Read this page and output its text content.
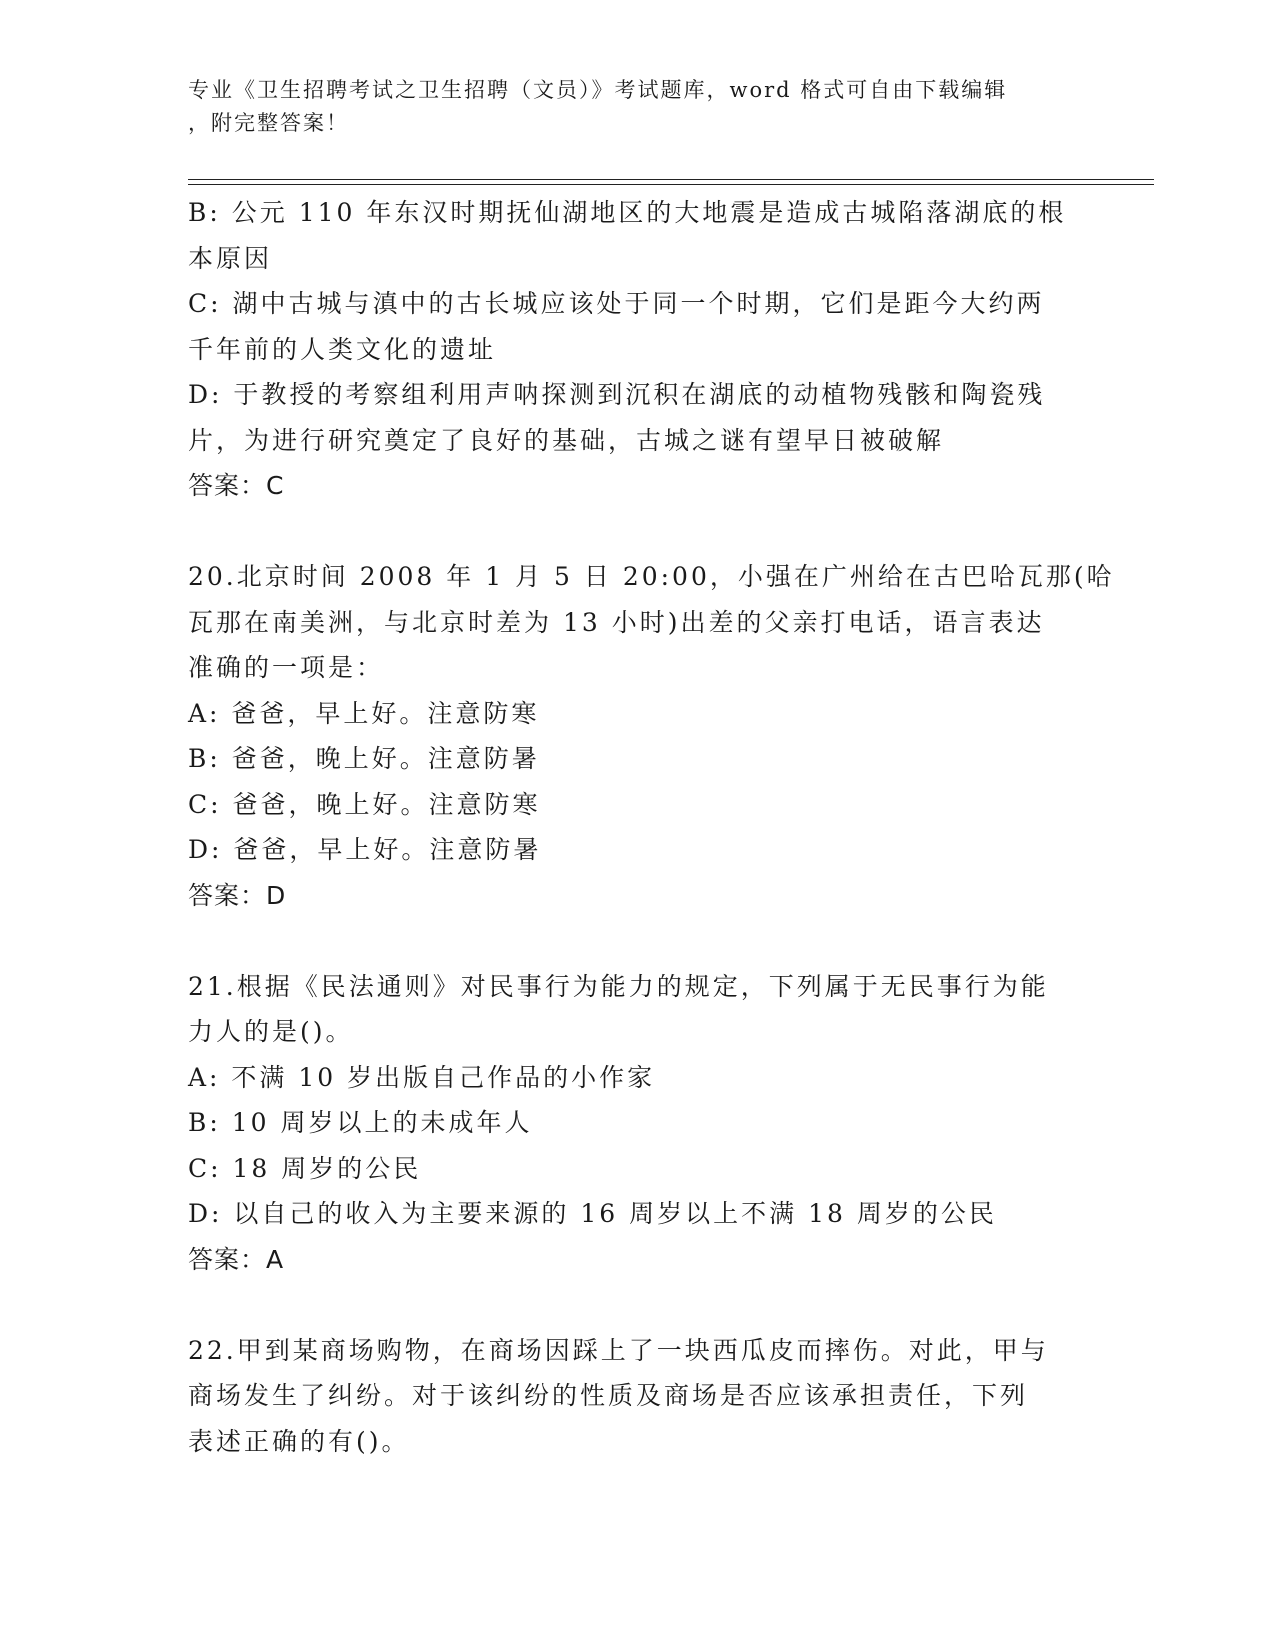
专业《卫生招聘考试之卫生招聘（文员）》考试题库，word 格式可自由下载编辑
，附完整答案！
B: 公元 110 年东汉时期抚仙湖地区的大地震是造成古城陷落湖底的根
本原因
C: 湖中古城与滇中的古长城应该处于同一个时期，它们是距今大约两
千年前的人类文化的遗址
D: 于教授的考察组利用声呐探测到沉积在湖底的动植物残骸和陶瓷残
片，为进行研究奠定了良好的基础，古城之谜有望早日被破解
答案：C
20.北京时间 2008 年 1 月 5 日 20:00，小强在广州给在古巴哈瓦那(哈
瓦那在南美洲，与北京时差为 13 小时)出差的父亲打电话，语言表达
准确的一项是：
A: 爸爸，早上好。注意防寒
B: 爸爸，晚上好。注意防暑
C: 爸爸，晚上好。注意防寒
D: 爸爸，早上好。注意防暑
答案：D
21.根据《民法通则》对民事行为能力的规定，下列属于无民事行为能
力人的是()。
A: 不满 10 岁出版自己作品的小作家
B: 10 周岁以上的未成年人
C: 18 周岁的公民
D: 以自己的收入为主要来源的 16 周岁以上不满 18 周岁的公民
答案：A
22.甲到某商场购物，在商场因踩上了一块西瓜皮而摔伤。对此，甲与
商场发生了纠纷。对于该纠纷的性质及商场是否应该承担责任，下列
表述正确的有()。
